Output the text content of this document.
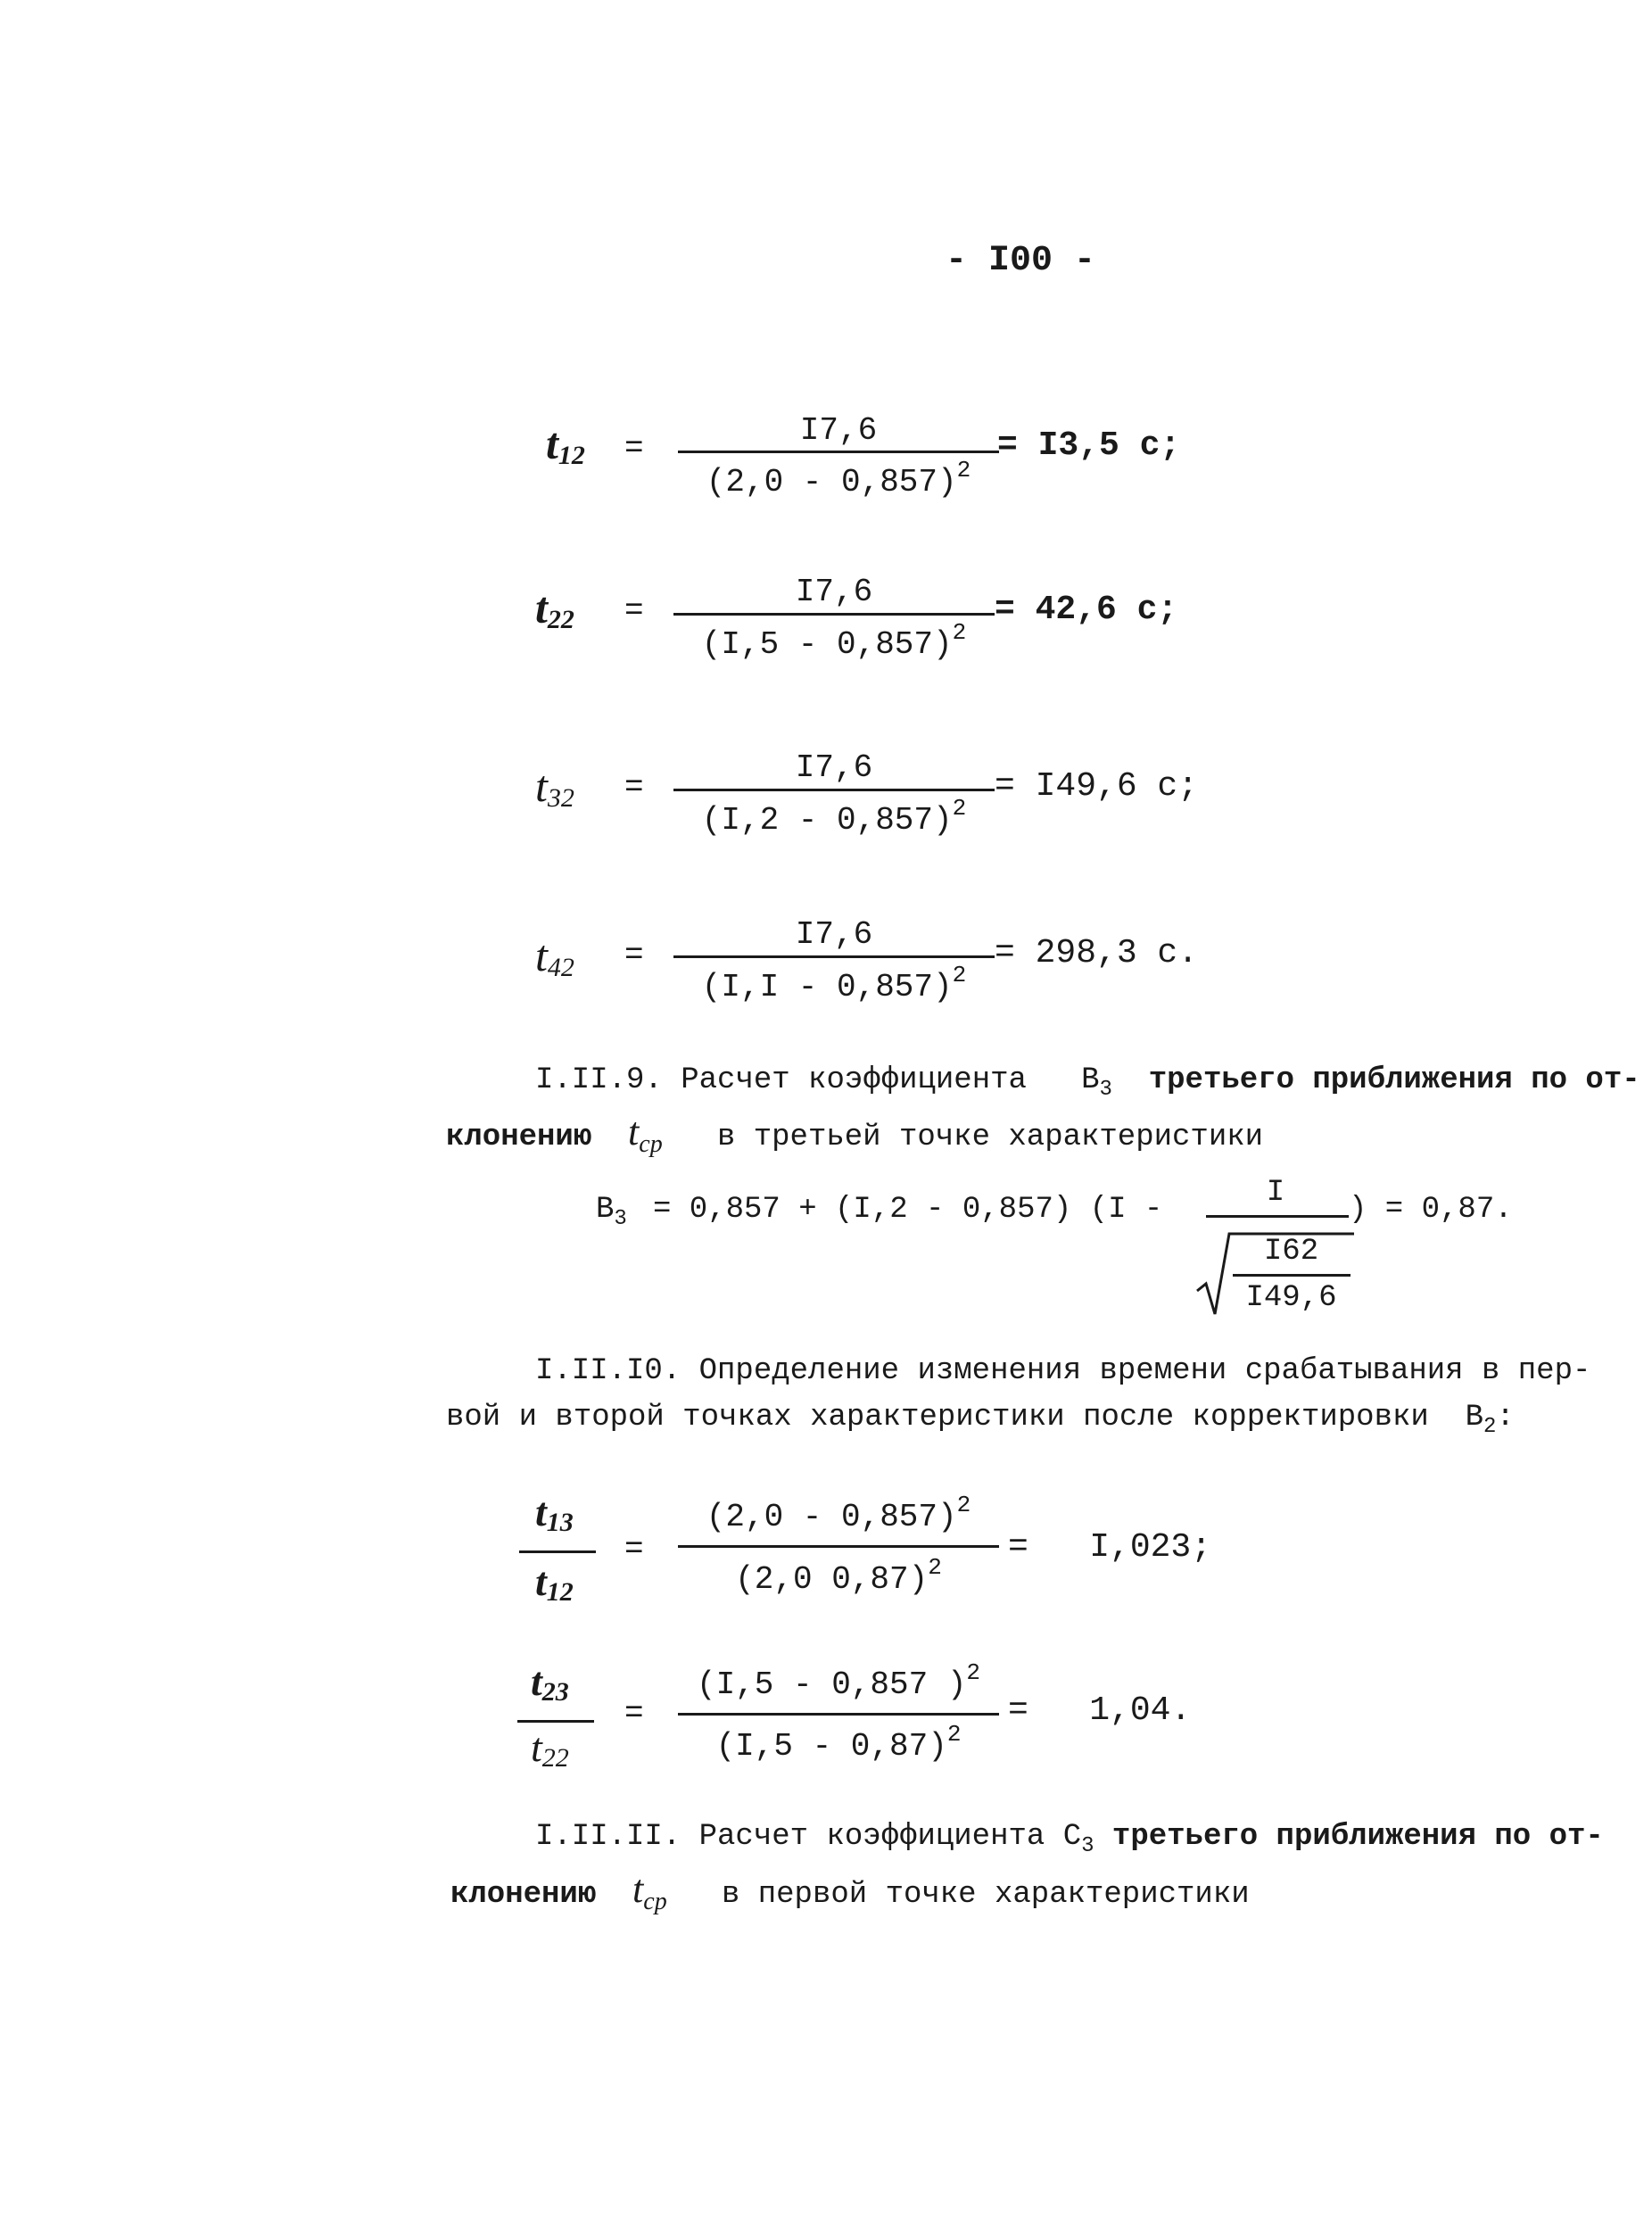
- I00 -
$t_{12}$ =	I7,6
(2,0 - 0,857)$^2$
= I3,5 c;
$t_{22}$ =
I7,6
(I,5 - 0,857)$^2$
= 42,6 c;
$t_{32}$ =
I7,6
(I,2 - 0,857)$^2$
= I49,6 c;
$t_{42}$ =
I7,6
(I,I - 0,857)$^2$
= 298,3 c.
I.II.9. Расчет коэффициента $B_3$ третьего приближения по от-
клонению $t_{cp}$ в третьей точке характеристики
$B_3 = 0,857 + (I,2 - 0,857)$ (I -	I
I62
I49,6
) = 0,87.
I.II.I0. Определение изменения времени срабатывания в пер-
вой и второй точках характеристики после корректировки $B_2$:
$t_{13}$
$t_{12}$
=
(2,0 - 0,857)$^2$
(2,0 0,87)$^2$
=   I,023;
$t_{23}$
$t_{22}$
=
(I,5 - 0,857 )$^2$
(I,5 - 0,87)$^2$
=   1,04.
I.II.II. Расчет коэффициента $C_3$ третьего приближения по от-
клонению $t_{cp}$ в первой точке характеристики
